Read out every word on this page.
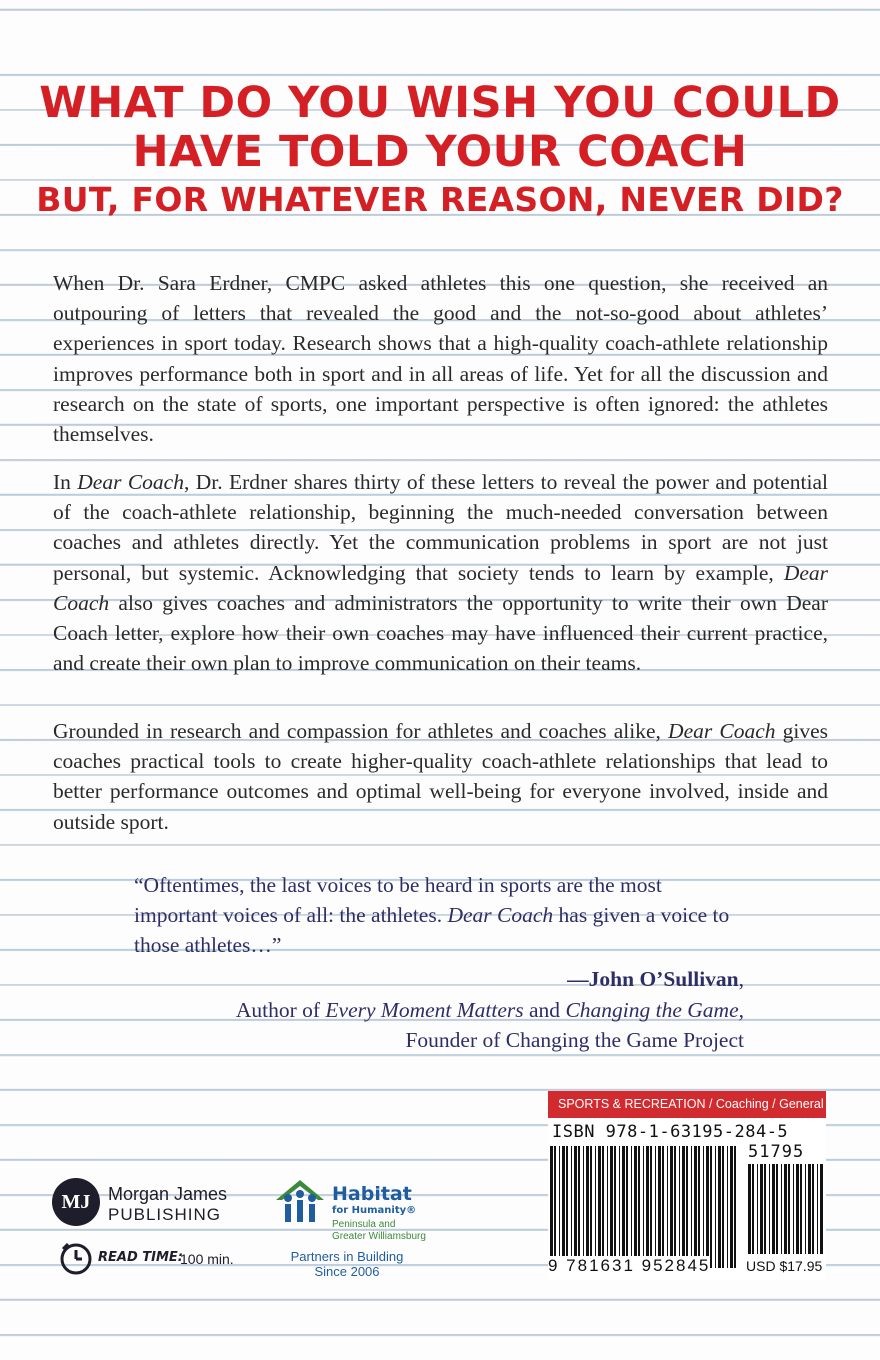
WHAT DO YOU WISH YOU COULD
HAVE TOLD YOUR COACH
BUT, FOR WHATEVER REASON, NEVER DID?

When Dr. Sara Erdner, CMPC asked athletes this one question, she received an outpouring of letters that revealed the good and the not-so-good about athletes’ experiences in sport today. Research shows that a high-quality coach-athlete relationship improves performance both in sport and in all areas of life. Yet for all the discussion and research on the state of sports, one important perspective is often ignored: the athletes themselves.

In Dear Coach, Dr. Erdner shares thirty of these letters to reveal the power and potential of the coach-athlete relationship, beginning the much-needed conversation between coaches and athletes directly. Yet the communication problems in sport are not just personal, but systemic. Acknowledging that society tends to learn by example, Dear Coach also gives coaches and administrators the opportunity to write their own Dear Coach letter, explore how their own coaches may have influenced their current practice, and create their own plan to improve communication on their teams.

Grounded in research and compassion for athletes and coaches alike, Dear Coach gives coaches practical tools to create higher-quality coach-athlete relationships that lead to better performance outcomes and optimal well-being for everyone involved, inside and outside sport.

“Oftentimes, the last voices to be heard in sports are the most important voices of all: the athletes. Dear Coach has given a voice to those athletes…”

—John O’Sullivan,
Author of Every Moment Matters and Changing the Game,
Founder of Changing the Game Project
SPORTS & RECREATION / Coaching / General
ISBN 978-1-63195-284-5
51795
9 781631 952845	USD $17.95
MJ Morgan James
PUBLISHING
READ TIME:
100 min.
Habitat
for Humanity®
Peninsula and
Greater Williamsburg
Partners in Building
Since 2006
